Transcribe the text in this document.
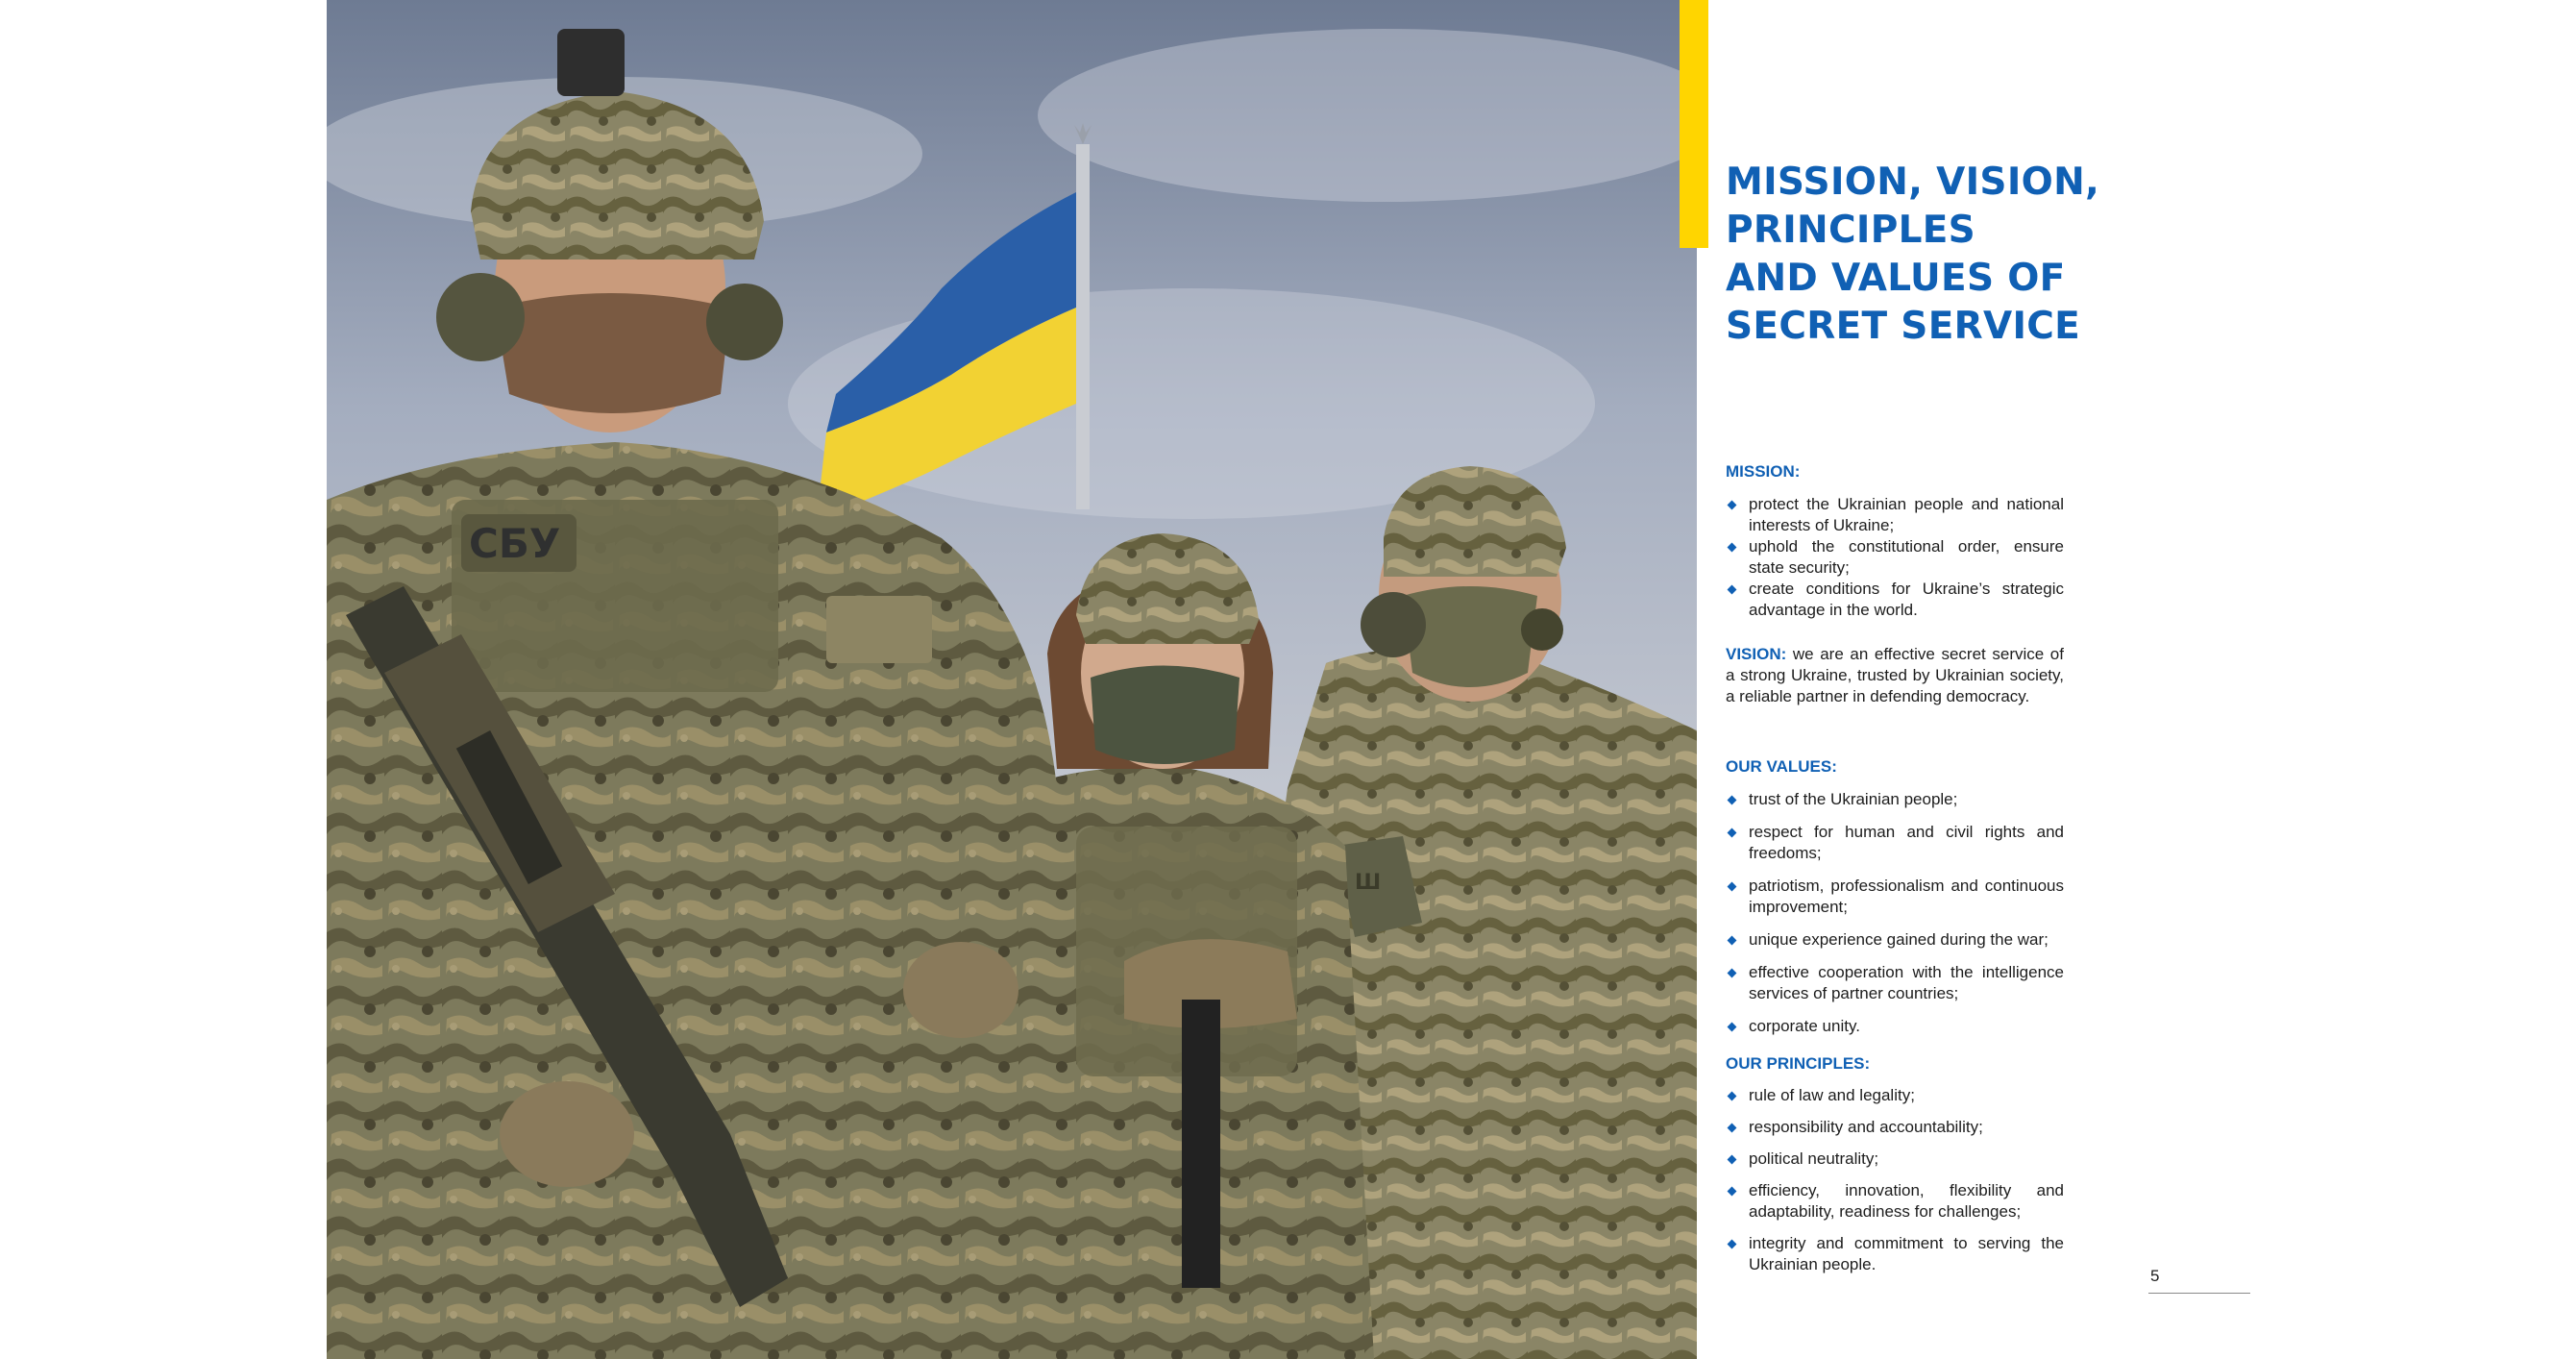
Ш
СБУ
MISSION, VISION,
PRINCIPLES
AND VALUES OF
SECRET SERVICE

MISSION:

protect the Ukrainian people and national interests of Ukraine;
uphold the constitutional order, ensure state security;
create conditions for Ukraine’s strategic advantage in the world.

VISION: we are an effective secret service of a strong Ukraine, trusted by Ukrainian society, a reliable partner in defending democracy.

OUR VALUES:

trust of the Ukrainian people;
respect for human and civil rights and freedoms;
patriotism, professionalism and continuous improvement;
unique experience gained during the war;
effective cooperation with the intelligence services of partner countries;
corporate unity.

OUR PRINCIPLES:

rule of law and legality;
responsibility and accountability;
political neutrality;
efficiency, innovation, flexibility and adaptability, readiness for challenges;
integrity and commitment to serving the Ukrainian people.
5
